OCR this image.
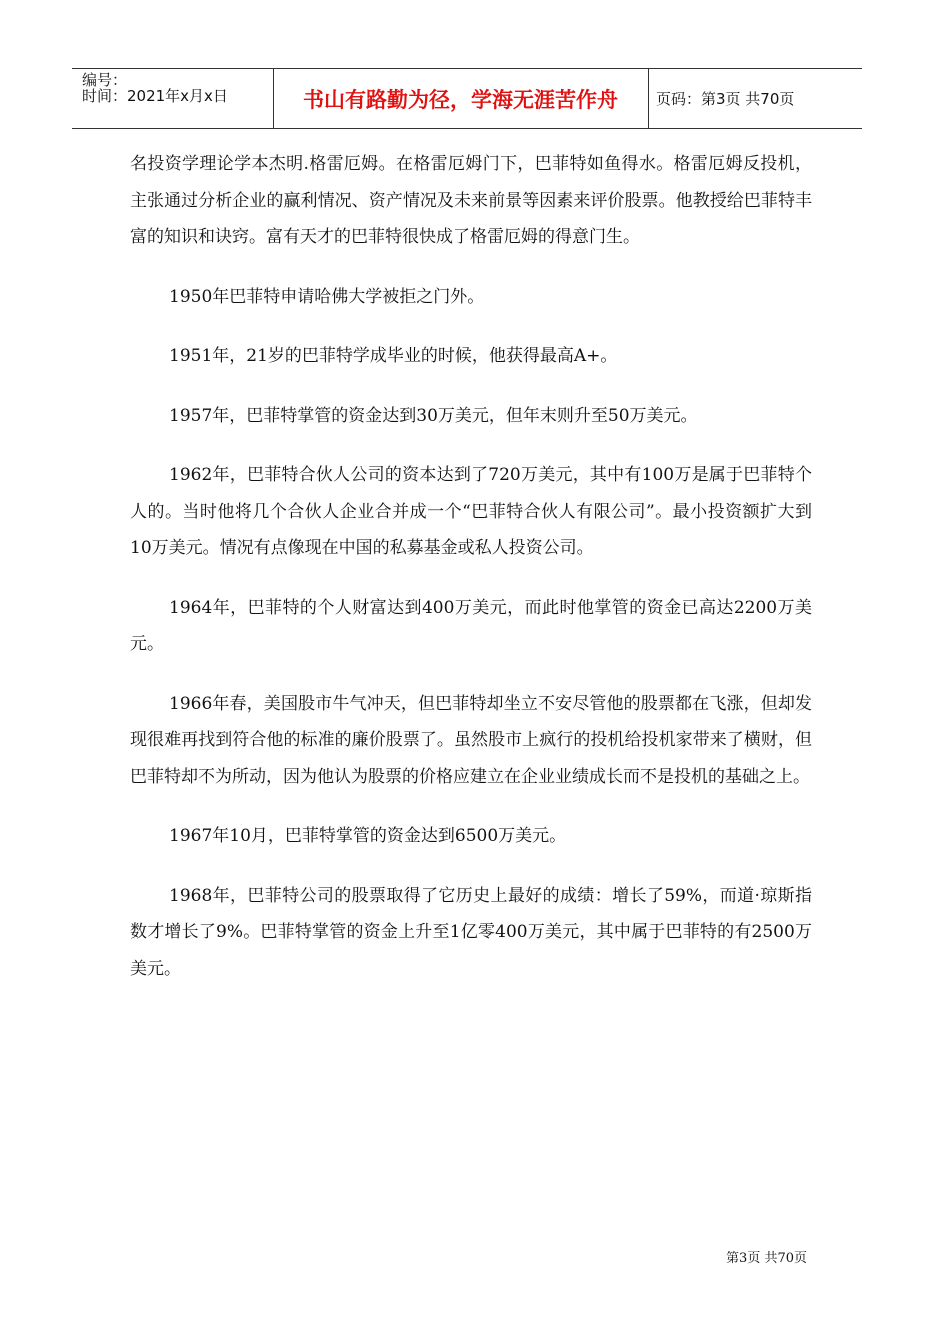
编号：
时间：2021年x月x日	书山有路勤为径，学海无涯苦作舟	页码：第3页 共70页

名投资学理论学本杰明.格雷厄姆。在格雷厄姆门下，巴菲特如鱼得水。格雷厄姆反投机，主张通过分析企业的赢利情况、资产情况及未来前景等因素来评价股票。他教授给巴菲特丰富的知识和诀窍。富有天才的巴菲特很快成了格雷厄姆的得意门生。

1950年巴菲特申请哈佛大学被拒之门外。

1951年，21岁的巴菲特学成毕业的时候，他获得最高A+。

1957年，巴菲特掌管的资金达到30万美元，但年末则升至50万美元。

1962年，巴菲特合伙人公司的资本达到了720万美元，其中有100万是属于巴菲特个人的。当时他将几个合伙人企业合并成一个“巴菲特合伙人有限公司”。最小投资额扩大到10万美元。情况有点像现在中国的私募基金或私人投资公司。

1964年，巴菲特的个人财富达到400万美元，而此时他掌管的资金已高达2200万美元。

1966年春，美国股市牛气冲天，但巴菲特却坐立不安尽管他的股票都在飞涨，但却发现很难再找到符合他的标准的廉价股票了。虽然股市上疯行的投机给投机家带来了横财，但巴菲特却不为所动，因为他认为股票的价格应建立在企业业绩成长而不是投机的基础之上。

1967年10月，巴菲特掌管的资金达到6500万美元。

1968年，巴菲特公司的股票取得了它历史上最好的成绩：增长了59%，而道·琼斯指数才增长了9%。巴菲特掌管的资金上升至1亿零400万美元，其中属于巴菲特的有2500万美元。

第3页 共70页
